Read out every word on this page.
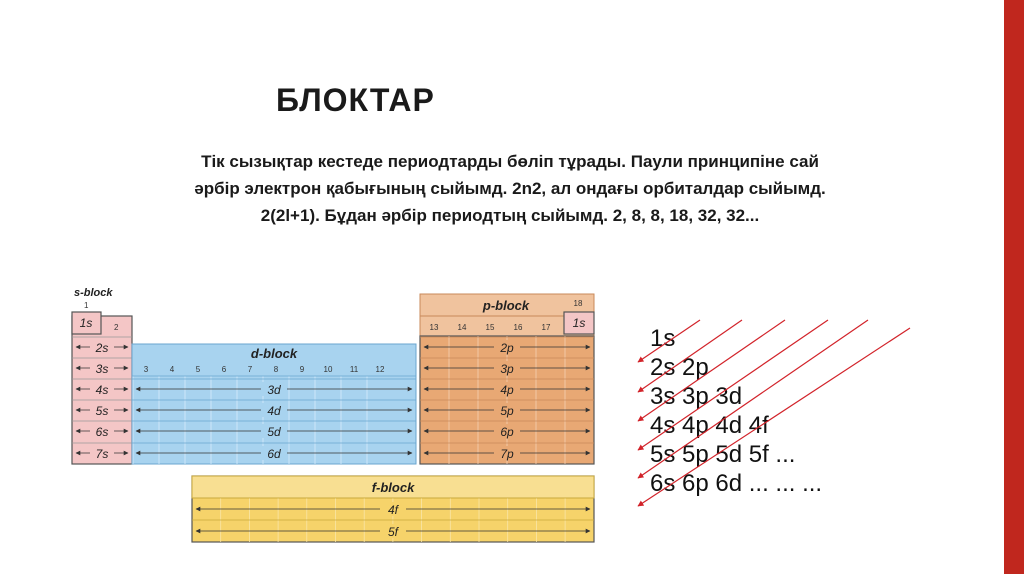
БЛОКТАР
Тік сызықтар кестеде периодтарды бөліп тұрады. Паули принципіне сай
әрбір электрон қабығының сыйымд. 2n2, ал ондағы орбиталдар сыйымд.
2(2l+1). Бұдан әрбір периодтың сыйымд. 2, 8, 8, 18, 32, 32...
s-block
1
2
1s
2s
3s
4s
5s
6s
7s
d-block
3	4	5	6	7	8	9 10 11 12
3d
4d
5d
6d
p-block	18
13 14 15 16 17 1s
2p
3p
4p
5p
6p
7p
f-block
4f
5f
1s
2s 2p
3s 3p 3d
4s 4p 4d 4f
5s 5p 5d 5f ...
6s 6p 6d ... ... ...
